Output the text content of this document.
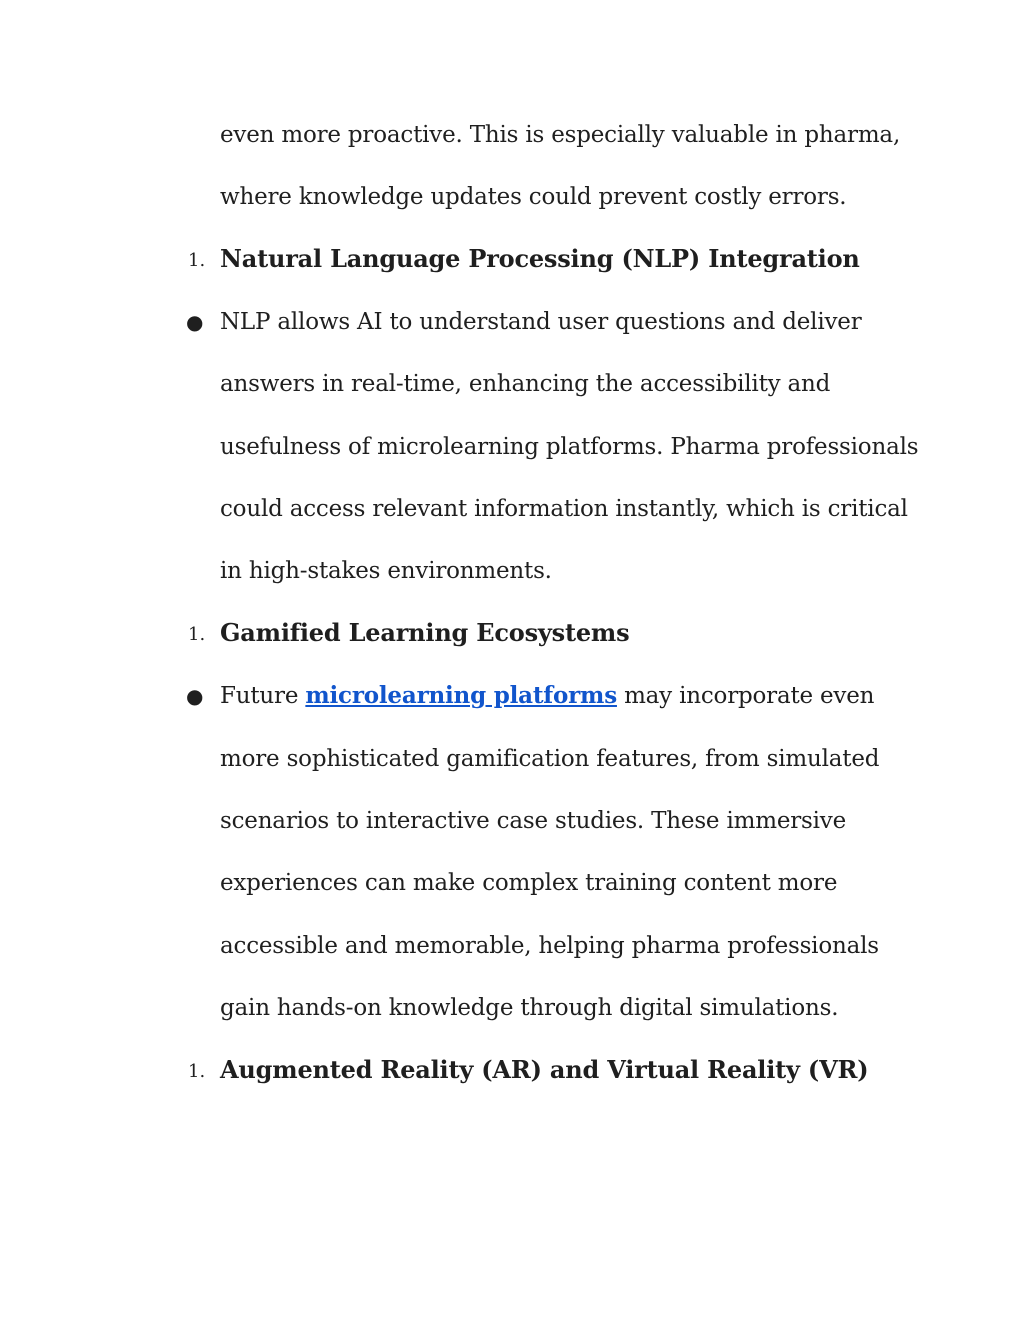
even more proactive. This is especially valuable in pharma,
where knowledge updates could prevent costly errors.
1. Natural Language Processing (NLP) Integration
● NLP allows AI to understand user questions and deliver
answers in real-time, enhancing the accessibility and
usefulness of microlearning platforms. Pharma professionals
could access relevant information instantly, which is critical
in high-stakes environments.
1. Gamified Learning Ecosystems
● Future microlearning platforms may incorporate even
more sophisticated gamification features, from simulated
scenarios to interactive case studies. These immersive
experiences can make complex training content more
accessible and memorable, helping pharma professionals
gain hands-on knowledge through digital simulations.
1. Augmented Reality (AR) and Virtual Reality (VR)
